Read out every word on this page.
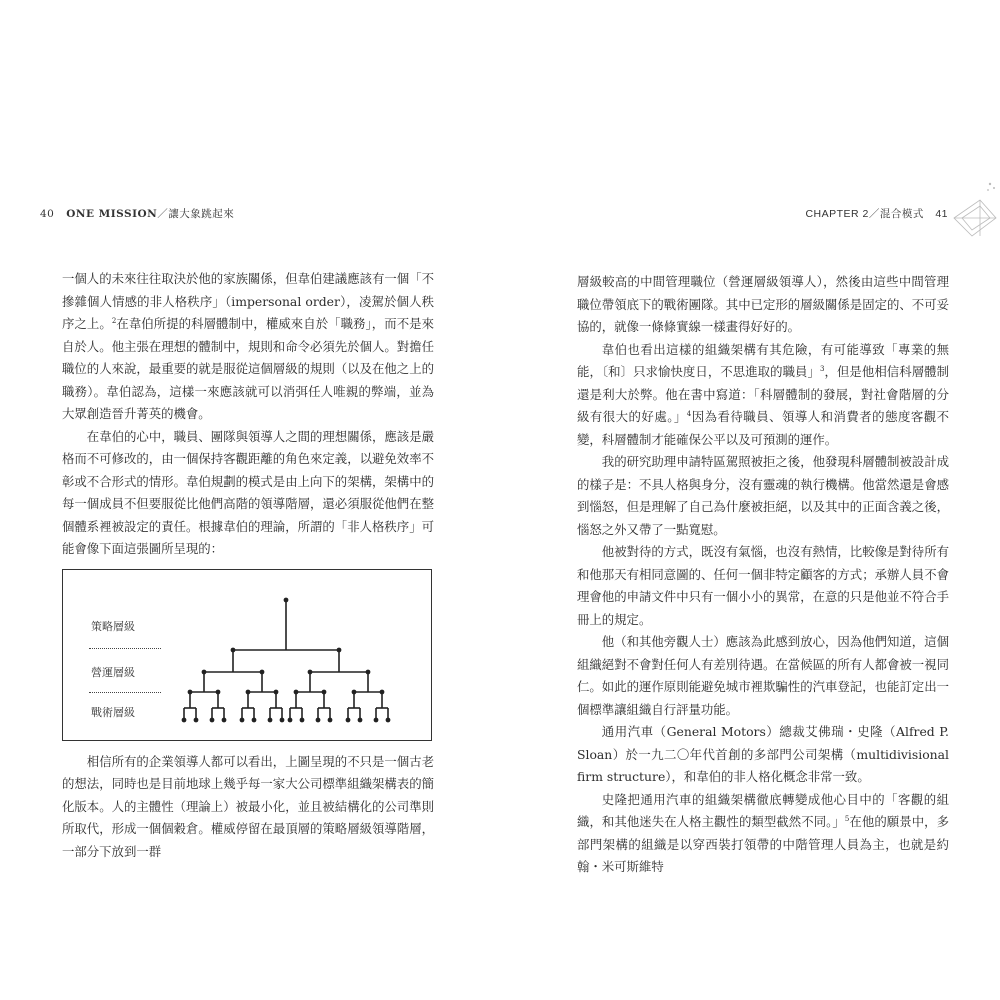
40 ONE MISSION／讓大象跳起來	CHAPTER 2／混合模式 41

一個人的未來往往取決於他的家族關係，但韋伯建議應該有一個「不摻雜個人情感的非人格秩序」（impersonal order），凌駕於個人秩序之上。$^2$在韋伯所提的科層體制中，權威來自於「職務」，而不是來自於人。他主張在理想的體制中，規則和命令必須先於個人。對擔任職位的人來說，最重要的就是服從這個層級的規則（以及在他之上的職務）。韋伯認為，這樣一來應該就可以消弭任人唯親的弊端，並為大眾創造晉升菁英的機會。

在韋伯的心中，職員、團隊與領導人之間的理想關係，應該是嚴格而不可修改的，由一個保持客觀距離的角色來定義，以避免效率不彰或不合形式的情形。韋伯規劃的模式是由上向下的架構，架構中的每一個成員不但要服從比他們高階的領導階層，還必須服從他們在整個體系裡被設定的責任。根據韋伯的理論，所謂的「非人格秩序」可能會像下面這張圖所呈現的：

策略層級
營運層級
戰術層級

相信所有的企業領導人都可以看出，上圖呈現的不只是一個古老的想法，同時也是目前地球上幾乎每一家大公司標準組織架構表的簡化版本。人的主體性（理論上）被最小化，並且被結構化的公司準則所取代，形成一個個穀倉。權威停留在最頂層的策略層級領導階層，一部分下放到一群

層級較高的中間管理職位（營運層級領導人），然後由這些中間管理職位帶領底下的戰術團隊。其中已定形的層級關係是固定的、不可妥協的，就像一條條實線一樣畫得好好的。

韋伯也看出這樣的組織架構有其危險，有可能導致「專業的無能，〔和〕只求愉快度日，不思進取的職員」$^3$，但是他相信科層體制還是利大於弊。他在書中寫道：「科層體制的發展，對社會階層的分級有很大的好處。」$^4$因為看待職員、領導人和消費者的態度客觀不變，科層體制才能確保公平以及可預測的運作。

我的研究助理申請特區駕照被拒之後，他發現科層體制被設計成的樣子是：不具人格與身分，沒有靈魂的執行機構。他當然還是會感到惱怒，但是理解了自己為什麼被拒絕，以及其中的正面含義之後，惱怒之外又帶了一點寬慰。

他被對待的方式，既沒有氣惱，也沒有熱情，比較像是對待所有和他那天有相同意圖的、任何一個非特定顧客的方式；承辦人員不會理會他的申請文件中只有一個小小的異常，在意的只是他並不符合手冊上的規定。

他（和其他旁觀人士）應該為此感到放心，因為他們知道，這個組織絕對不會對任何人有差別待遇。在當候區的所有人都會被一視同仁。如此的運作原則能避免城市裡欺騙性的汽車登記，也能訂定出一個標準讓組織自行評量功能。

通用汽車（General Motors）總裁艾佛瑞・史隆（Alfred P. Sloan）於一九二〇年代首創的多部門公司架構（multidivisional firm structure），和韋伯的非人格化概念非常一致。

史隆把通用汽車的組織架構徹底轉變成他心目中的「客觀的組織，和其他迷失在人格主觀性的類型截然不同。」$^5$在他的願景中，多部門架構的組織是以穿西裝打領帶的中階管理人員為主，也就是約翰・米可斯維特
